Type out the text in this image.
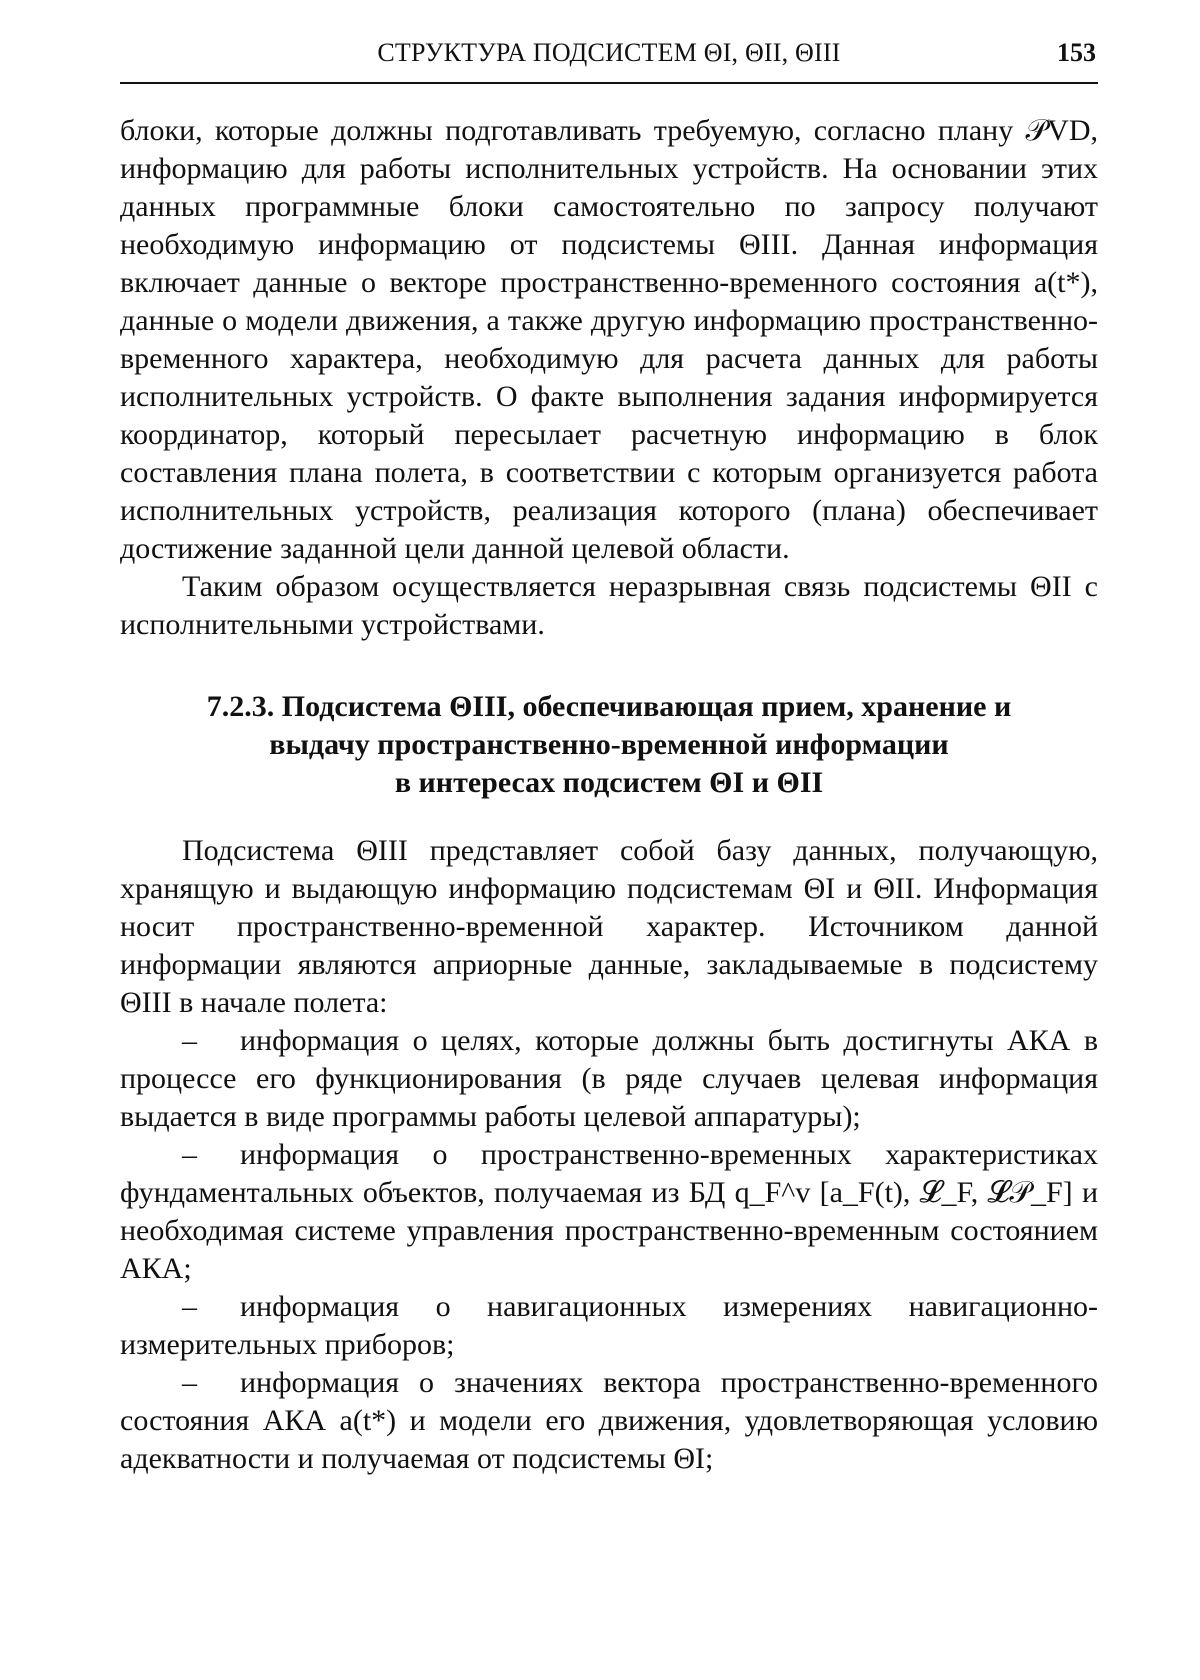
СТРУКТУРА ПОДСИСТЕМ ΘI, ΘII, ΘIII	153

блоки, которые должны подготавливать требуемую, согласно плану 𝒫VD, информацию для работы исполнительных устройств. На основании этих данных программные блоки самостоятельно по запросу получают необходимую информацию от подсистемы ΘIII. Данная информация включает данные о векторе пространственно-временного состояния a(t*), данные о модели движения, а также другую информацию пространственно-временного характера, необходимую для расчета данных для работы исполнительных устройств. О факте выполнения задания информируется координатор, который пересылает расчетную информацию в блок составления плана полета, в соответствии с которым организуется работа исполнительных устройств, реализация которого (плана) обеспечивает достижение заданной цели данной целевой области.

Таким образом осуществляется неразрывная связь подсистемы ΘII с исполнительными устройствами.

7.2.3. Подсистема ΘIII, обеспечивающая прием, хранение и
выдачу пространственно-временной информации
в интересах подсистем ΘI и ΘII

Подсистема ΘIII представляет собой базу данных, получающую, хранящую и выдающую информацию подсистемам ΘI и ΘII. Информация носит пространственно-временной характер. Источником данной информации являются априорные данные, закладываемые в подсистему ΘIII в начале полета:

– информация о целях, которые должны быть достигнуты АКА в процессе его функционирования (в ряде случаев целевая информация выдается в виде программы работы целевой аппаратуры);

– информация о пространственно-временных характеристиках фундаментальных объектов, получаемая из БД q_F^v [a_F(t), 𝓛_F, 𝓛𝒫_F] и необходимая системе управления пространственно-временным состоянием АКА;

– информация о навигационных измерениях навигационно-измерительных приборов;

– информация о значениях вектора пространственно-временного состояния АКА a(t*) и модели его движения, удовлетворяющая условию адекватности и получаемая от подсистемы ΘI;
